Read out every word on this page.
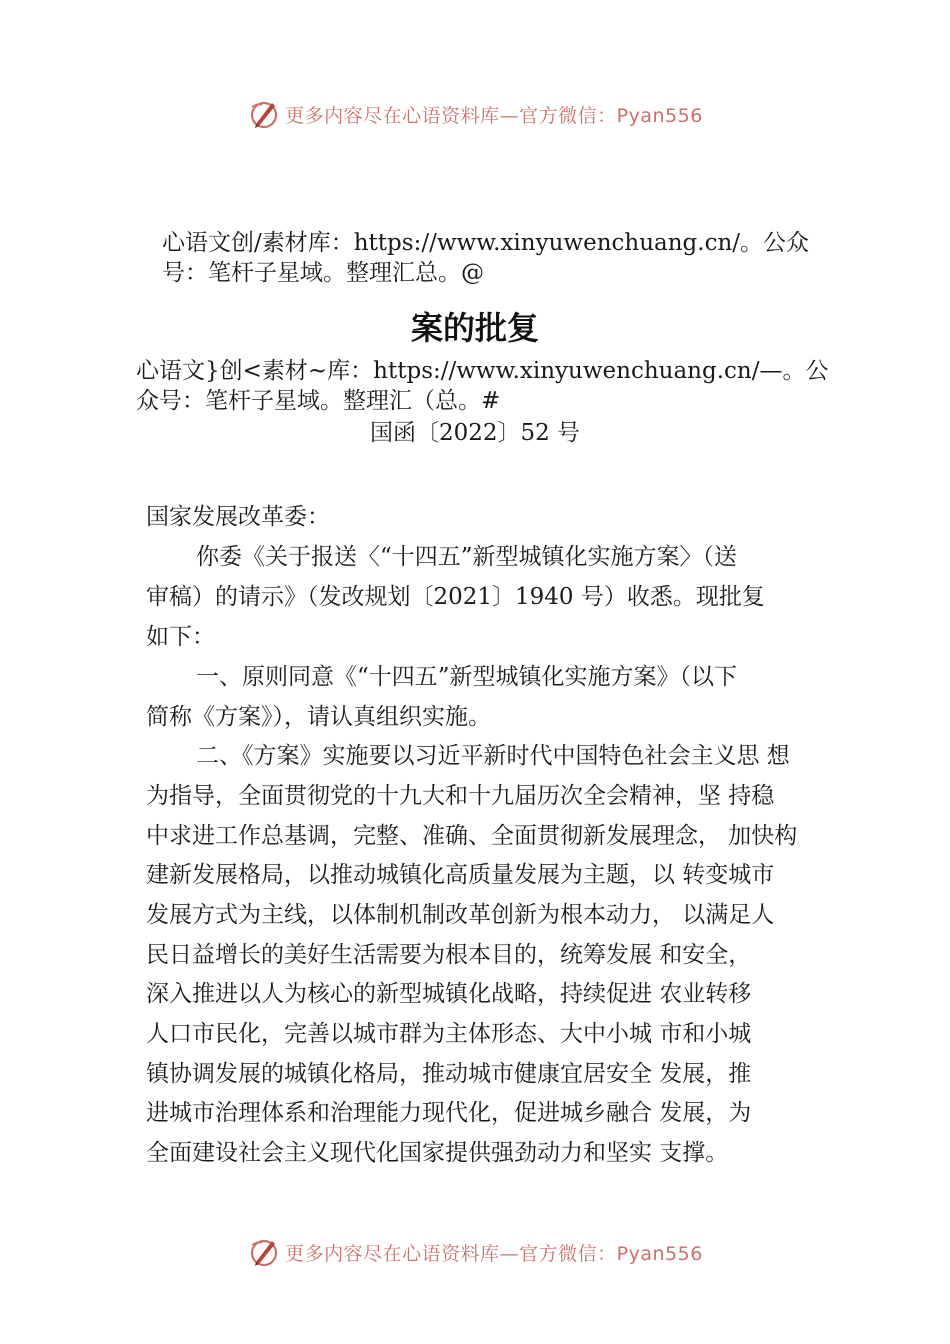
更多内容尽在心语资料库—官方微信：Pyan556
心语文创/素材库：https://www.xinyuwenchuang.cn/。公众
号：笔杆子星域。整理汇总。@
案的批复
心语文}创<素材~库：https://www.xinyuwenchuang.cn/—。公
众号：笔杆子星域。整理汇（总。#
国函〔2022〕52 号
国家发展改革委：
你委《关于报送〈“十四五”新型城镇化实施方案〉（送
审稿）的请示》（发改规划〔2021〕1940 号）收悉。现批复
如下：
一、原则同意《“十四五”新型城镇化实施方案》（以下
简称《方案》），请认真组织实施。
二、《方案》实施要以习近平新时代中国特色社会主义思 想
为指导，全面贯彻党的十九大和十九届历次全会精神，坚 持稳
中求进工作总基调，完整、准确、全面贯彻新发展理念， 加快构
建新发展格局，以推动城镇化高质量发展为主题，以 转变城市
发展方式为主线，以体制机制改革创新为根本动力， 以满足人
民日益增长的美好生活需要为根本目的，统筹发展 和安全，
深入推进以人为核心的新型城镇化战略，持续促进 农业转移
人口市民化，完善以城市群为主体形态、大中小城 市和小城
镇协调发展的城镇化格局，推动城市健康宜居安全 发展，推
进城市治理体系和治理能力现代化，促进城乡融合 发展，为
全面建设社会主义现代化国家提供强劲动力和坚实 支撑。
更多内容尽在心语资料库—官方微信：Pyan556
